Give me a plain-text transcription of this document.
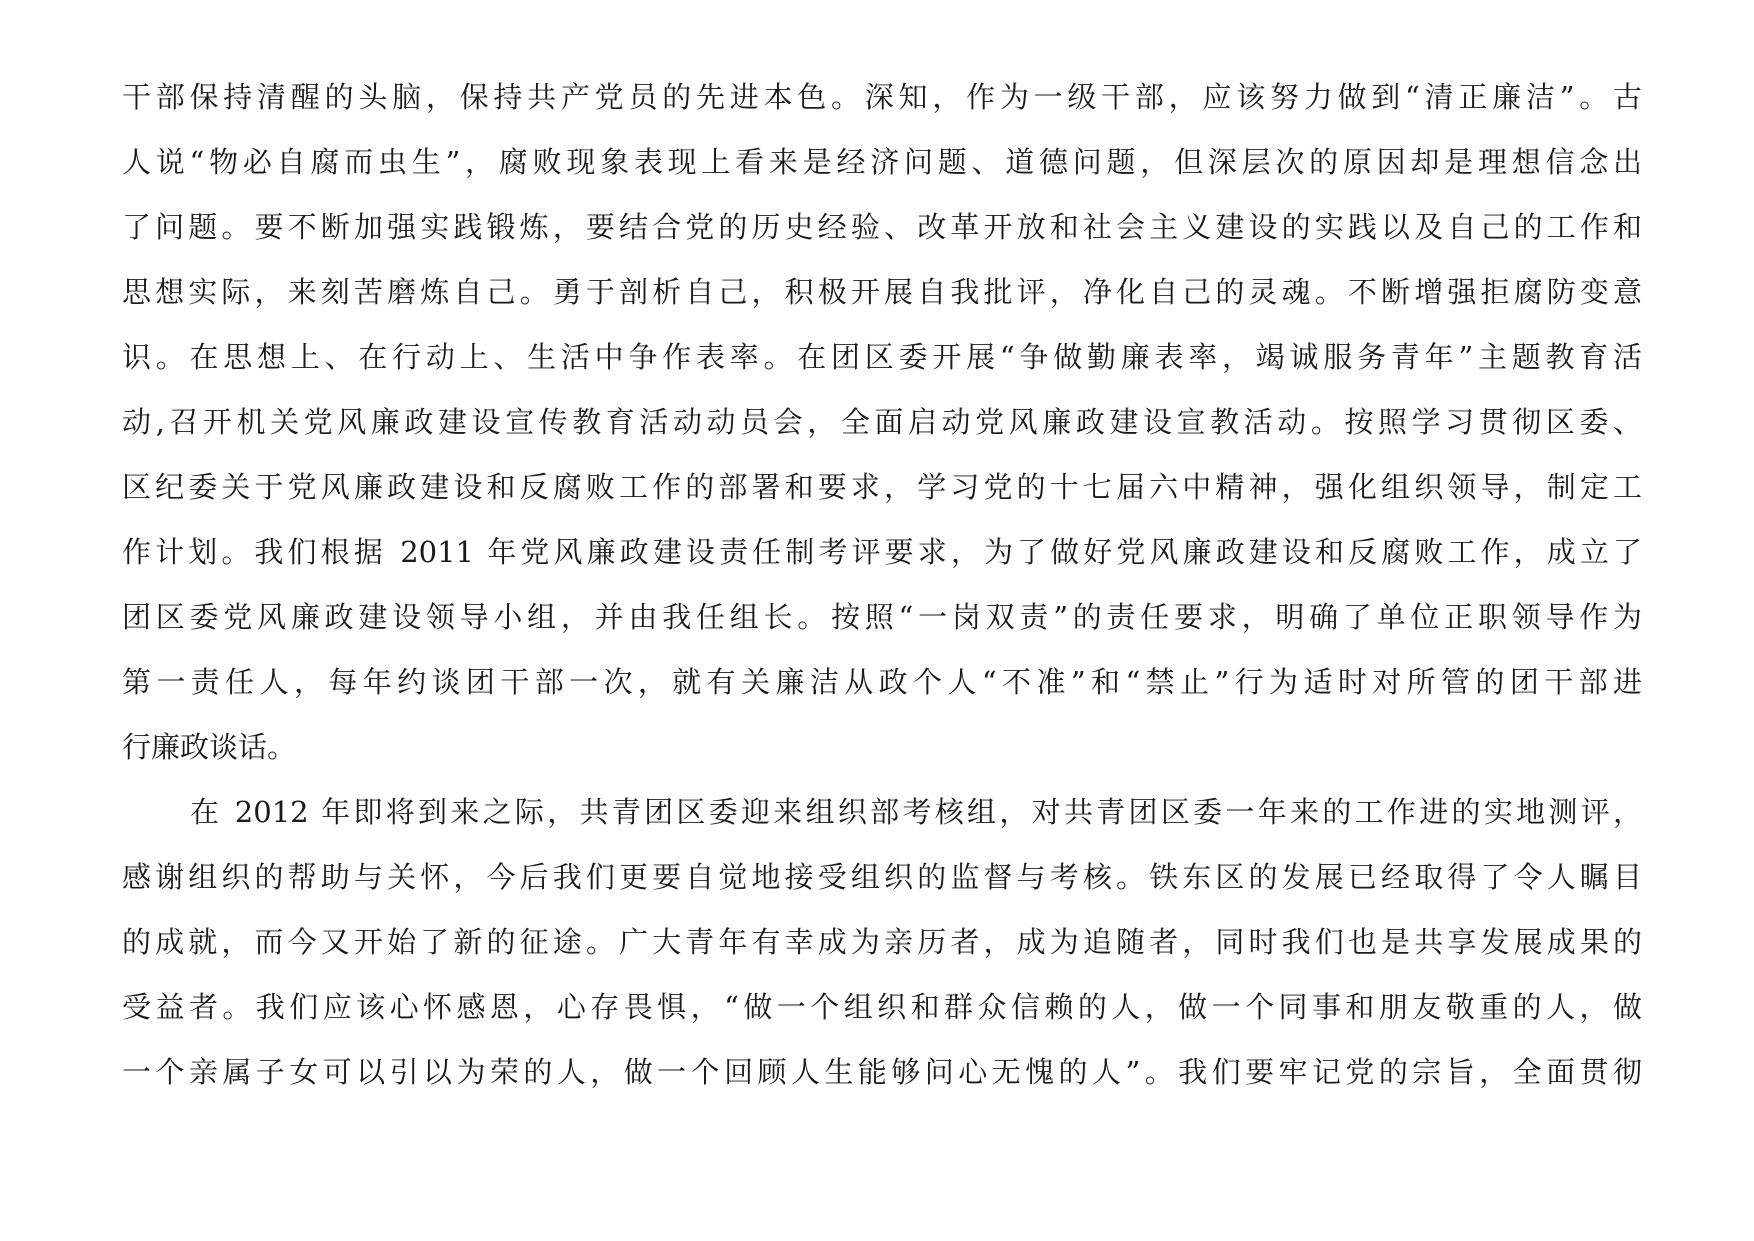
干部保持清醒的头脑，保持共产党员的先进本色。深知，作为一级干部，应该努力做到“清正廉洁”。古
人说“物必自腐而虫生”，腐败现象表现上看来是经济问题、道德问题，但深层次的原因却是理想信念出
了问题。要不断加强实践锻炼，要结合党的历史经验、改革开放和社会主义建设的实践以及自己的工作和
思想实际，来刻苦磨炼自己。勇于剖析自己，积极开展自我批评，净化自己的灵魂。不断增强拒腐防变意
识。在思想上、在行动上、生活中争作表率。在团区委开展“争做勤廉表率，竭诚服务青年”主题教育活
动,召开机关党风廉政建设宣传教育活动动员会，全面启动党风廉政建设宣教活动。按照学习贯彻区委、
区纪委关于党风廉政建设和反腐败工作的部署和要求，学习党的十七届六中精神，强化组织领导，制定工
作计划。我们根据 2011 年党风廉政建设责任制考评要求，为了做好党风廉政建设和反腐败工作，成立了
团区委党风廉政建设领导小组，并由我任组长。按照“一岗双责”的责任要求，明确了单位正职领导作为
第一责任人，每年约谈团干部一次，就有关廉洁从政个人“不准”和“禁止”行为适时对所管的团干部进
行廉政谈话。
在 2012 年即将到来之际，共青团区委迎来组织部考核组，对共青团区委一年来的工作进的实地测评，
感谢组织的帮助与关怀，今后我们更要自觉地接受组织的监督与考核。铁东区的发展已经取得了令人瞩目
的成就，而今又开始了新的征途。广大青年有幸成为亲历者，成为追随者，同时我们也是共享发展成果的
受益者。我们应该心怀感恩，心存畏惧，“做一个组织和群众信赖的人，做一个同事和朋友敬重的人，做
一个亲属子女可以引以为荣的人，做一个回顾人生能够问心无愧的人”。我们要牢记党的宗旨，全面贯彻
